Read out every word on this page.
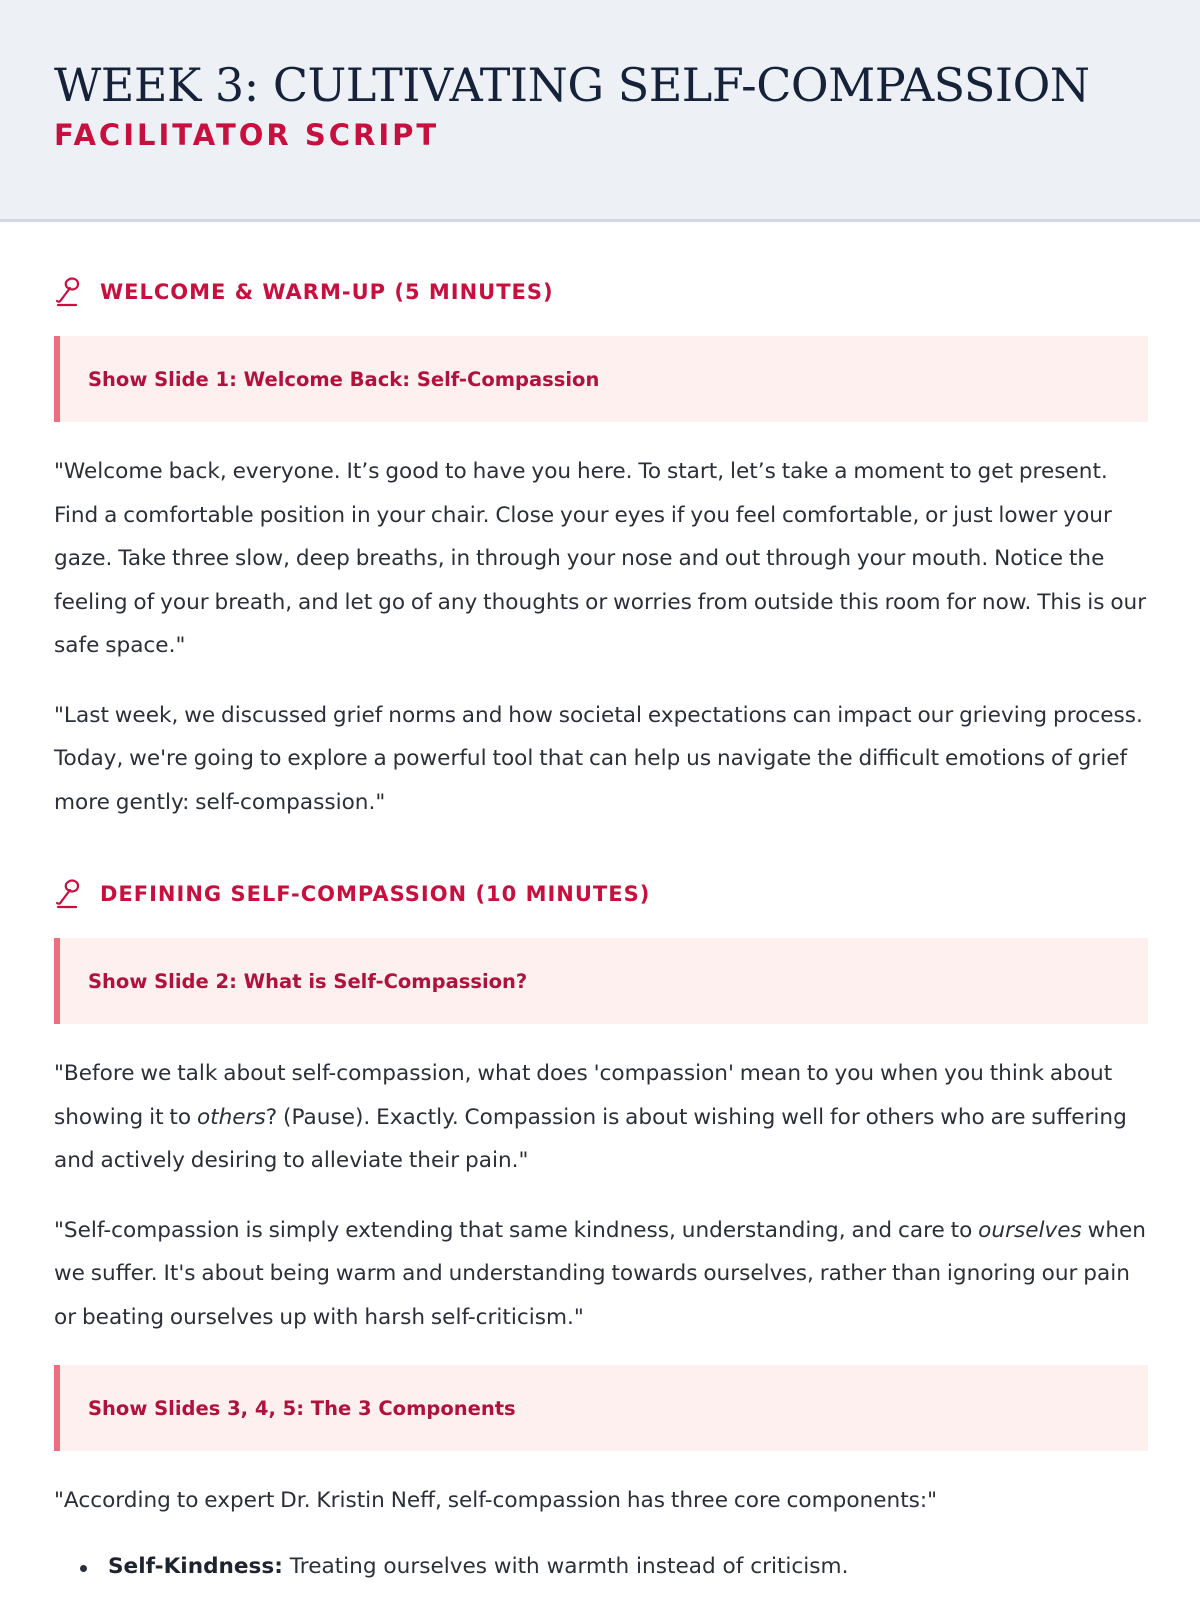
WEEK 3: CULTIVATING SELF-COMPASSION
FACILITATOR SCRIPT
WELCOME & WARM-UP (5 MINUTES)
Show Slide 1: Welcome Back: Self-Compassion

"Welcome back, everyone. It’s good to have you here. To start, let’s take a moment to get present. Find a comfortable position in your chair. Close your eyes if you feel comfortable, or just lower your gaze. Take three slow, deep breaths, in through your nose and out through your mouth. Notice the feeling of your breath, and let go of any thoughts or worries from outside this room for now. This is our safe space."

"Last week, we discussed grief norms and how societal expectations can impact our grieving process. Today, we're going to explore a powerful tool that can help us navigate the difficult emotions of grief more gently: self-compassion."

DEFINING SELF-COMPASSION (10 MINUTES)
Show Slide 2: What is Self-Compassion?

"Before we talk about self-compassion, what does 'compassion' mean to you when you think about showing it to others? (Pause). Exactly. Compassion is about wishing well for others who are suffering and actively desiring to alleviate their pain."

"Self-compassion is simply extending that same kindness, understanding, and care to ourselves when we suffer. It's about being warm and understanding towards ourselves, rather than ignoring our pain or beating ourselves up with harsh self-criticism."

Show Slides 3, 4, 5: The 3 Components

"According to expert Dr. Kristin Neff, self-compassion has three core components:"

Self-Kindness: Treating ourselves with warmth instead of criticism.
